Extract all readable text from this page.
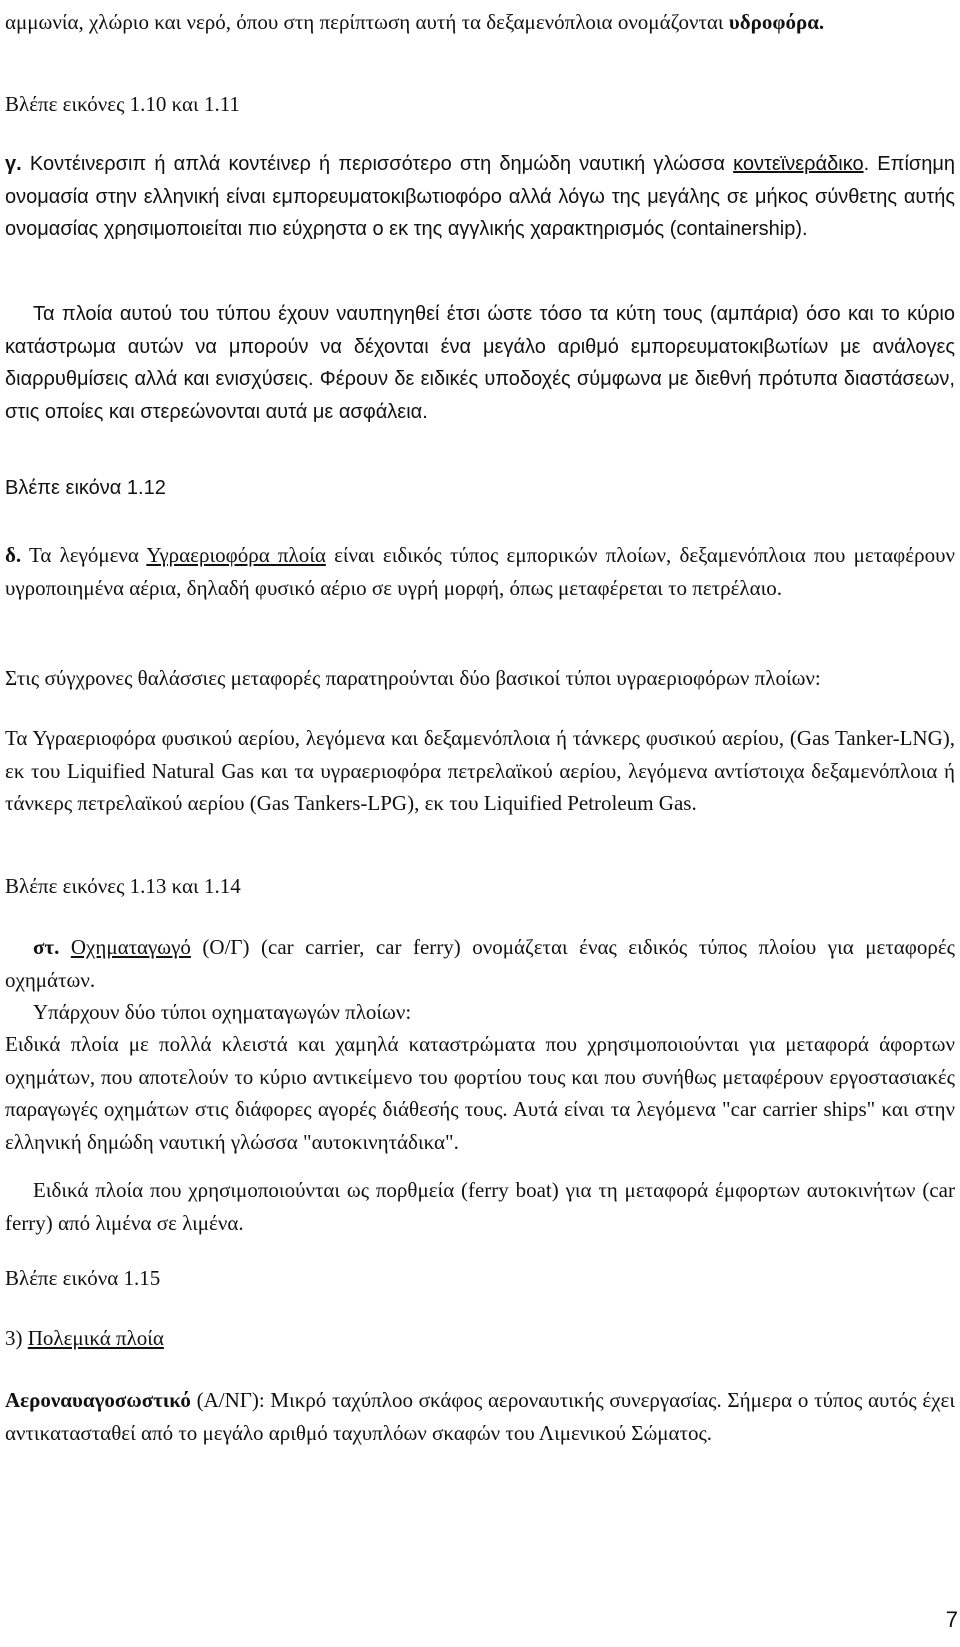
αμμωνία, χλώριο και νερό, όπου στη περίπτωση αυτή τα δεξαμενόπλοια ονομάζονται υδροφόρα.
Βλέπε εικόνες 1.10 και 1.11
γ. Κοντέινερσιπ ή απλά κοντέινερ ή περισσότερο στη δημώδη ναυτική γλώσσα κοντεϊνεράδικο. Επίσημη ονομασία στην ελληνική είναι εμπορευματοκιβωτιοφόρο αλλά λόγω της μεγάλης σε μήκος σύνθετης αυτής ονομασίας χρησιμοποιείται πιο εύχρηστα ο εκ της αγγλικής χαρακτηρισμός (containership).
Τα πλοία αυτού του τύπου έχουν ναυπηγηθεί έτσι ώστε τόσο τα κύτη τους (αμπάρια) όσο και το κύριο κατάστρωμα αυτών να μπορούν να δέχονται ένα μεγάλο αριθμό εμπορευματοκιβωτίων με ανάλογες διαρρυθμίσεις αλλά και ενισχύσεις. Φέρουν δε ειδικές υποδοχές σύμφωνα με διεθνή πρότυπα διαστάσεων, στις οποίες και στερεώνονται αυτά με ασφάλεια.
Βλέπε εικόνα 1.12
δ. Τα λεγόμενα Υγραεριοφόρα πλοία είναι ειδικός τύπος εμπορικών πλοίων, δεξαμενόπλοια που μεταφέρουν υγροποιημένα αέρια, δηλαδή φυσικό αέριο σε υγρή μορφή, όπως μεταφέρεται το πετρέλαιο.
Στις σύγχρονες θαλάσσιες μεταφορές παρατηρούνται δύο βασικοί τύποι υγραεριοφόρων πλοίων:
Τα Υγραεριοφόρα φυσικού αερίου, λεγόμενα και δεξαμενόπλοια ή τάνκερς φυσικού αερίου, (Gas Tanker-LNG), εκ του Liquified Natural Gas και τα υγραεριοφόρα πετρελαϊκού αερίου, λεγόμενα αντίστοιχα δεξαμενόπλοια ή τάνκερς πετρελαϊκού αερίου (Gas Tankers-LPG), εκ του Liquified Petroleum Gas.
Βλέπε εικόνες 1.13 και 1.14
στ. Οχηματαγωγό (Ο/Γ) (car carrier, car ferry) ονομάζεται ένας ειδικός τύπος πλοίου για μεταφορές οχημάτων.
Υπάρχουν δύο τύποι οχηματαγωγών πλοίων:
Ειδικά πλοία με πολλά κλειστά και χαμηλά καταστρώματα που χρησιμοποιούνται για μεταφορά άφορτων οχημάτων, που αποτελούν το κύριο αντικείμενο του φορτίου τους και που συνήθως μεταφέρουν εργοστασιακές παραγωγές οχημάτων στις διάφορες αγορές διάθεσής τους. Αυτά είναι τα λεγόμενα "car carrier ships" και στην ελληνική δημώδη ναυτική γλώσσα "αυτοκινητάδικα".
Ειδικά πλοία που χρησιμοποιούνται ως πορθμεία (ferry boat) για τη μεταφορά έμφορτων αυτοκινήτων (car ferry) από λιμένα σε λιμένα.
Βλέπε εικόνα 1.15
3) Πολεμικά πλοία
Αεροναυαγοσωστικό (Α/ΝΓ): Μικρό ταχύπλοο σκάφος αεροναυτικής συνεργασίας. Σήμερα ο τύπος αυτός έχει αντικατασταθεί από το μεγάλο αριθμό ταχυπλόων σκαφών του Λιμενικού Σώματος.
7
